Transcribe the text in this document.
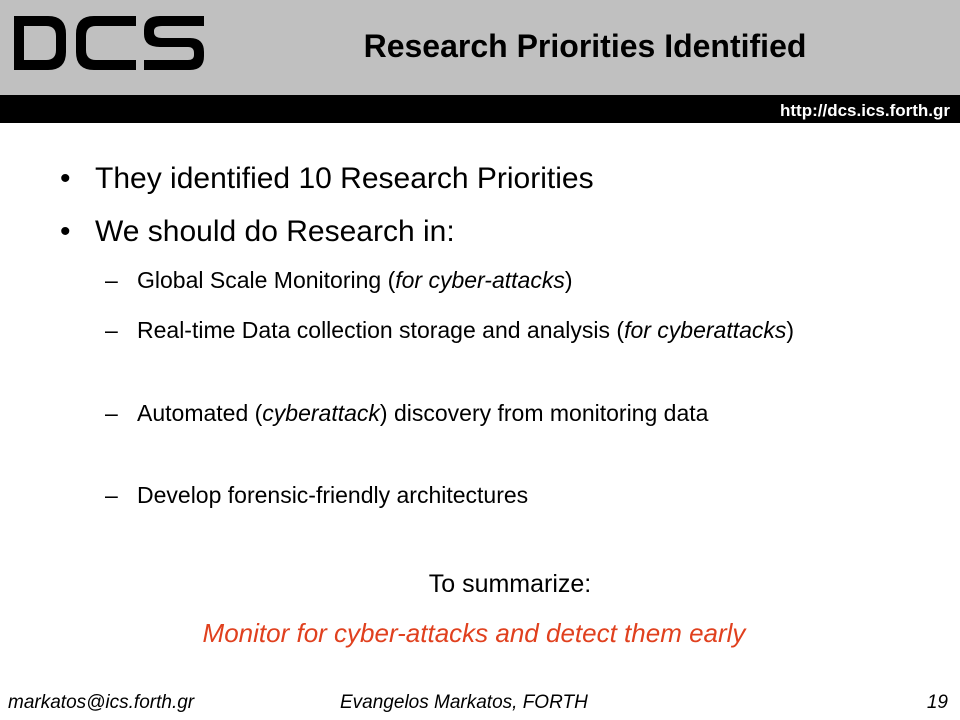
Research Priorities Identified
http://dcs.ics.forth.gr
• They identified 10 Research Priorities
• We should do Research in:
– Global Scale Monitoring (for cyber-attacks)
– Real-time Data collection storage and analysis (for cyberattacks)
– Automated (cyberattack) discovery from monitoring data
– Develop forensic-friendly architectures
To summarize:
Monitor for cyber-attacks and detect them early
markatos@ics.forth.gr	Evangelos Markatos, FORTH	19
